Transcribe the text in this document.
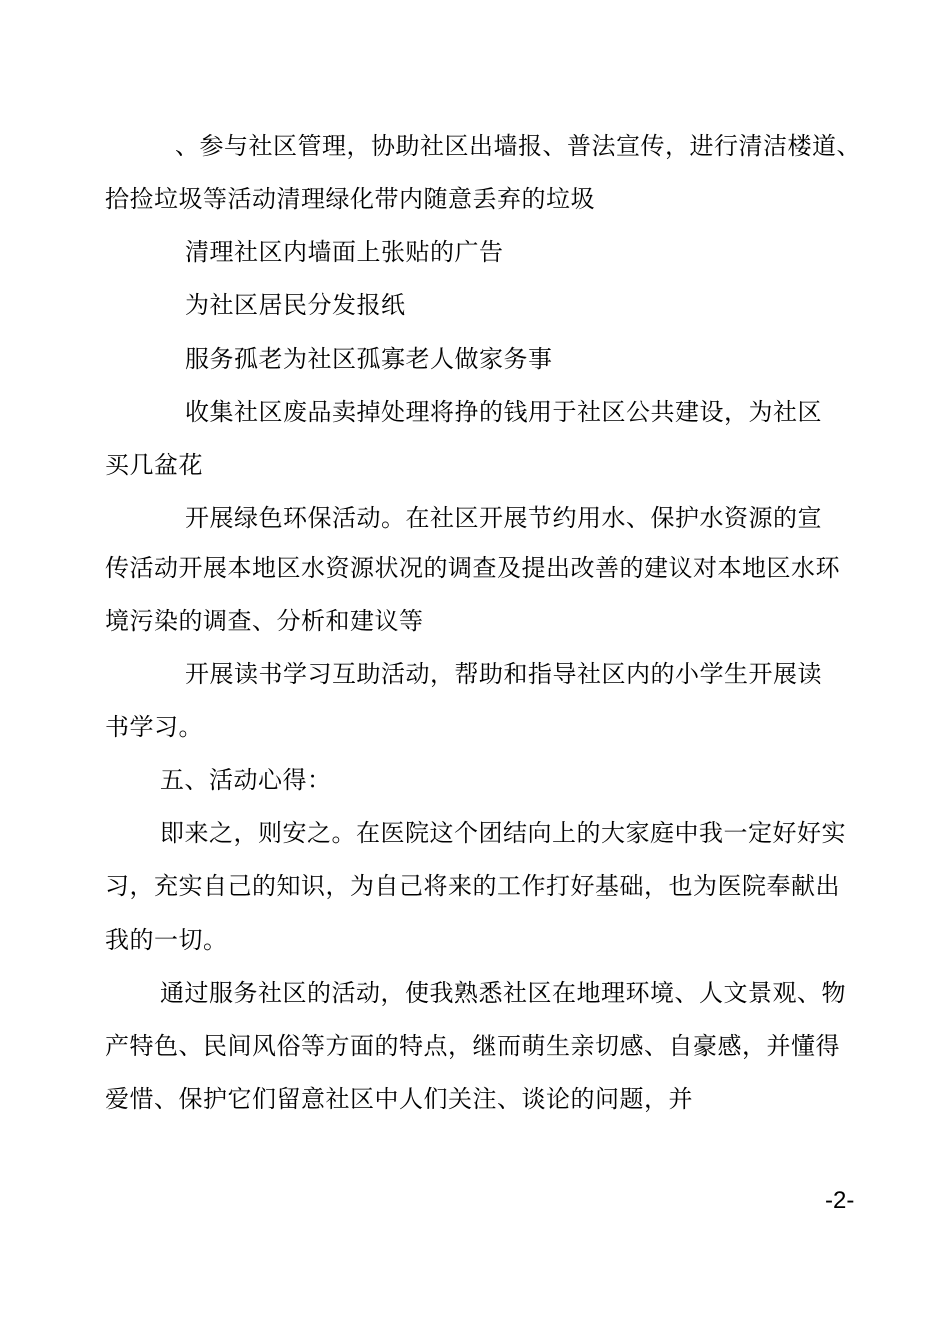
、参与社区管理，协助社区出墙报、普法宣传，进行清洁楼道、
拾捡垃圾等活动清理绿化带内随意丢弃的垃圾
清理社区内墙面上张贴的广告
为社区居民分发报纸
服务孤老为社区孤寡老人做家务事
收集社区废品卖掉处理将挣的钱用于社区公共建设，为社区
买几盆花
开展绿色环保活动。在社区开展节约用水、保护水资源的宣
传活动开展本地区水资源状况的调查及提出改善的建议对本地区水环
境污染的调查、分析和建议等
开展读书学习互助活动，帮助和指导社区内的小学生开展读
书学习。
五、活动心得：
即来之，则安之。在医院这个团结向上的大家庭中我一定好好实
习，充实自己的知识，为自己将来的工作打好基础，也为医院奉献出
我的一切。
通过服务社区的活动，使我熟悉社区在地理环境、人文景观、物
产特色、民间风俗等方面的特点，继而萌生亲切感、自豪感，并懂得
爱惜、保护它们留意社区中人们关注、谈论的问题，并
-2-
